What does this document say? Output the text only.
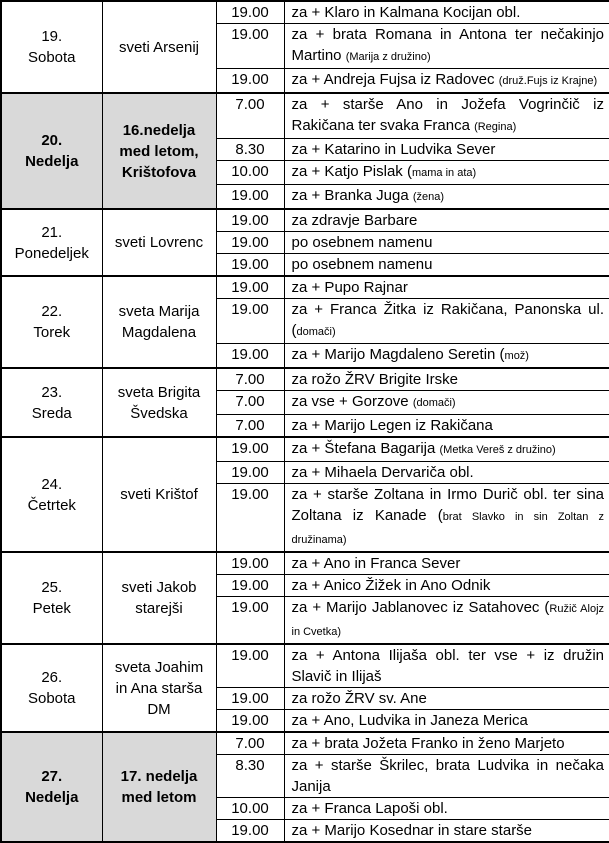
19.
Sobota	sveti Arsenij	19.00	za + Klaro in Kalmana Kocijan obl.
		19.00	za + brata Romana in Antona ter nečakinjo Martino (Marija z družino)
		19.00	za + Andreja Fujsa iz Radovec (druž.Fujs iz Krajne)
20.
Nedelja	16.nedelja med letom, Krištofova	7.00	za + starše Ano in Jožefa Vogrinčič iz Rakičana ter svaka Franca (Regina)
		8.30	za + Katarino in Ludvika Sever
		10.00	za + Katjo Pislak (mama in ata)
		19.00	za + Branka Juga (žena)
21.
Ponedeljek	sveti Lovrenc	19.00	za zdravje Barbare
		19.00	po osebnem namenu
		19.00	po osebnem namenu
22.
Torek	sveta Marija Magdalena	19.00	za + Pupo Rajnar
		19.00	za + Franca Žitka iz Rakičana, Panonska ul. (domači)
		19.00	za + Marijo Magdaleno Seretin (mož)
23.
Sreda	sveta Brigita Švedska	7.00	za rožo ŽRV Brigite Irske
		7.00	za vse + Gorzove (domači)
		7.00	za + Marijo Legen iz Rakičana
24.
Četrtek	sveti Krištof	19.00	za + Štefana Bagarija (Metka Vereš z družino)
		19.00	za + Mihaela Dervariča obl.
		19.00	za + starše Zoltana in Irmo Durič obl. ter sina Zoltana iz Kanade (brat Slavko in sin Zoltan z družinama)
25.
Petek	sveti Jakob starejši	19.00	za + Ano in Franca Sever
		19.00	za + Anico Žižek in Ano Odnik
		19.00	za + Marijo Jablanovec iz Satahovec (Ružič Alojz in Cvetka)
26.
Sobota	sveta Joahim in Ana starša DM	19.00	za + Antona Ilijaša obl. ter vse + iz družin Slavič in Ilijaš
		19.00	za rožo ŽRV sv. Ane
		19.00	za + Ano, Ludvika in Janeza Merica
27.
Nedelja	17. nedelja med letom	7.00	za + brata Jožeta Franko in ženo Marjeto
		8.30	za + starše Škrilec, brata Ludvika in nečaka Janija
		10.00	za + Franca Lapoši obl.
		19.00	za + Marijo Kosednar in stare starše
